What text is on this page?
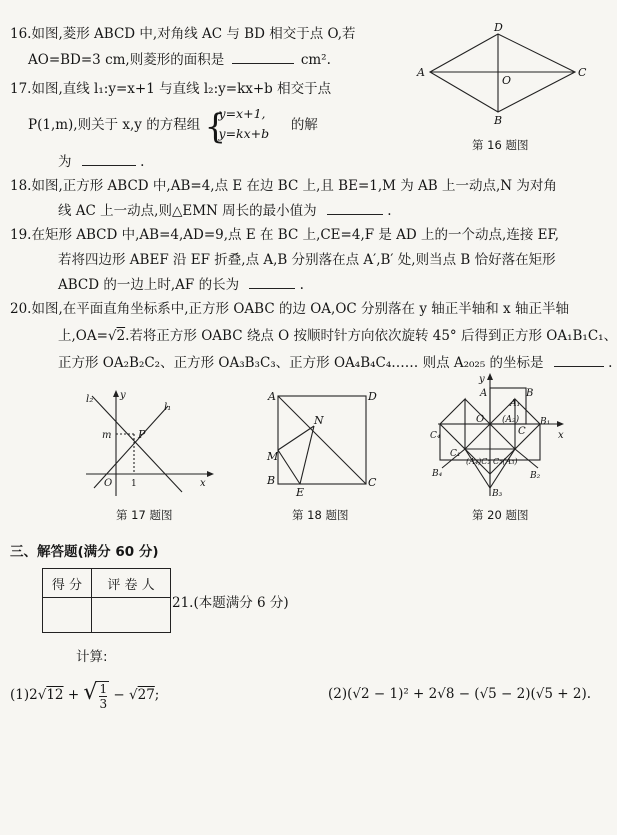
16.如图,菱形 ABCD 中,对角线 AC 与 BD 相交于点 O,若
AO=BD=3 cm,则菱形的面积是	cm².
D
A
O
C
B
第 16 题图
17.如图,直线 l₁:y=x+1 与直线 l₂:y=kx+b 相交于点
P(1,m),则关于 x,y 的方程组 {
y=x+1,
y=kx+b 的解
为	.
18.如图,正方形 ABCD 中,AB=4,点 E 在边 BC 上,且 BE=1,M 为 AB 上一动点,N 为对角
线 AC 上一动点,则△EMN 周长的最小值为	.
19.在矩形 ABCD 中,AB=4,AD=9,点 E 在 BC 上,CE=4,F 是 AD 上的一个动点,连接 EF,
若将四边形 ABEF 沿 EF 折叠,点 A,B 分别落在点 A′,B′ 处,则当点 B 恰好落在矩形
ABCD 的一边上时,AF 的长为	.
20.如图,在平面直角坐标系中,正方形 OABC 的边 OA,OC 分别落在 y 轴正半轴和 x 轴正半轴
上,OA=√2.若将正方形 OABC 绕点 O 按顺时针方向依次旋转 45° 后得到正方形 OA₁B₁C₁、
正方形 OA₂B₂C₂、正方形 OA₃B₃C₃、正方形 OA₄B₄C₄…… 则点 A₂₀₂₅ 的坐标是	.
l₂	y
l₁
m P
O 1	x
第 17 题图
A	D
N
M
B
E
C
第 18 题图
y
A	B
A₁
O (A₂)
C
B₁
x
C₄
C₁
(A₄)C₂ C₃(A₃)
B₄	B₂
B₃
第 20 题图
三、解答题(满分 60 分)
得 分	评 卷 人

21.(本题满分 6 分)
计算:
(1)2√12 + √ $\frac{1}{3} - √27$;	(2)(√2 − 1)² + 2√8 − (√5 − 2)(√5 + 2).
